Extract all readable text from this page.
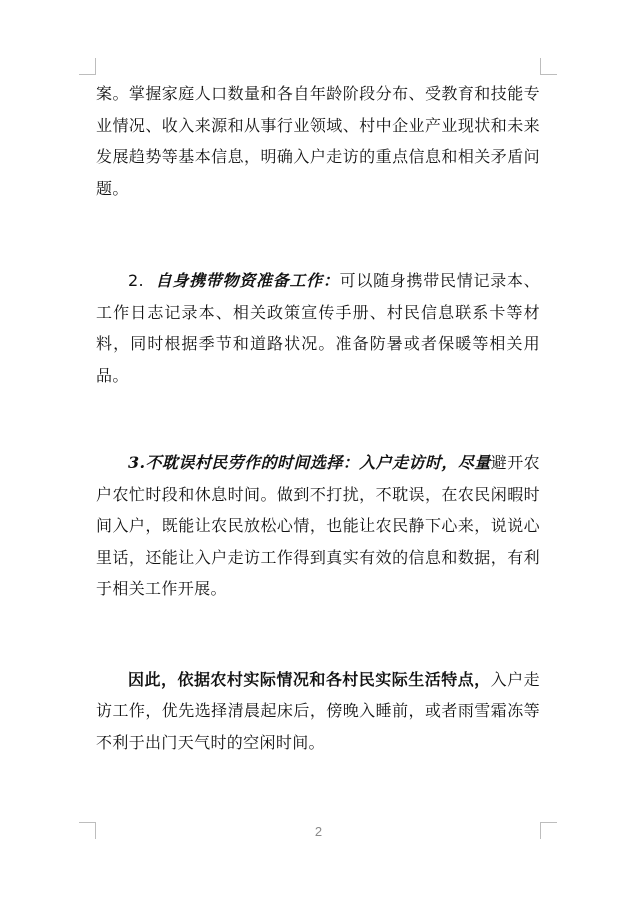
案。掌握家庭人口数量和各自年龄阶段分布、受教育和技能专业情况、收入来源和从事行业领域、村中企业产业现状和未来发展趋势等基本信息，明确入户走访的重点信息和相关矛盾问题。

2. 自身携带物资准备工作：可以随身携带民情记录本、工作日志记录本、相关政策宣传手册、村民信息联系卡等材料，同时根据季节和道路状况。准备防暑或者保暖等相关用品。

3.不耽误村民劳作的时间选择：入户走访时，尽量避开农户农忙时段和休息时间。做到不打扰，不耽误，在农民闲暇时间入户，既能让农民放松心情，也能让农民静下心来，说说心里话，还能让入户走访工作得到真实有效的信息和数据，有利于相关工作开展。

因此，依据农村实际情况和各村民实际生活特点，入户走访工作，优先选择清晨起床后，傍晚入睡前，或者雨雪霜冻等不利于出门天气时的空闲时间。

2
